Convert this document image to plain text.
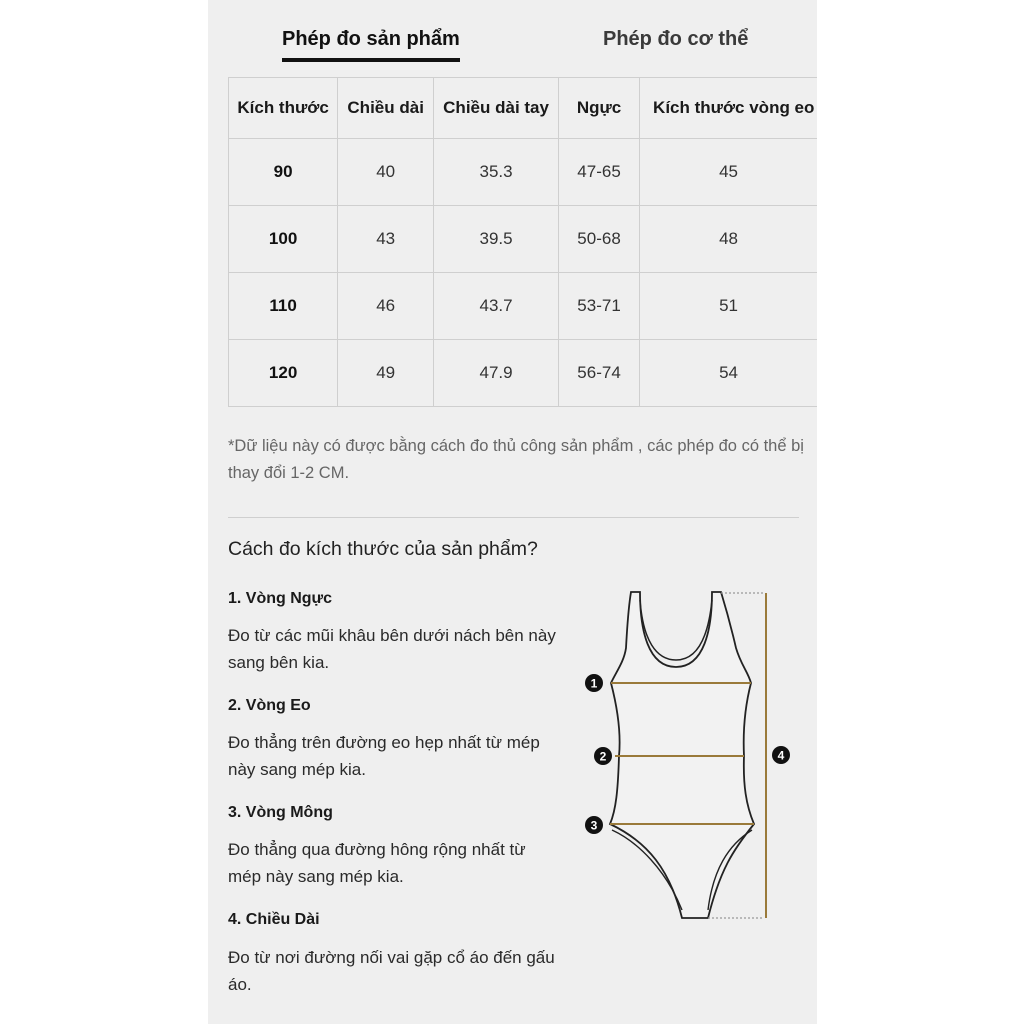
Phép đo sản phẩm	Phép đo cơ thể
Kích thước	Chiều dài	Chiều dài tay	Ngực	Kích thước vòng eo
90	40	35.3	47-65	45
100	43	39.5	50-68	48
110	46	43.7	53-71	51
120	49	47.9	56-74	54
*Dữ liệu này có được bằng cách đo thủ công sản phẩm , các phép đo có thể bị thay đổi 1-2 CM.
Cách đo kích thước của sản phẩm?
1. Vòng Ngực
Đo từ các mũi khâu bên dưới nách bên này sang bên kia.
2. Vòng Eo
Đo thẳng trên đường eo hẹp nhất từ mép này sang mép kia.
3. Vòng Mông
Đo thẳng qua đường hông rộng nhất từ mép này sang mép kia.
4. Chiều Dài
Đo từ nơi đường nối vai gặp cổ áo đến gấu áo.
1
2
3
4
